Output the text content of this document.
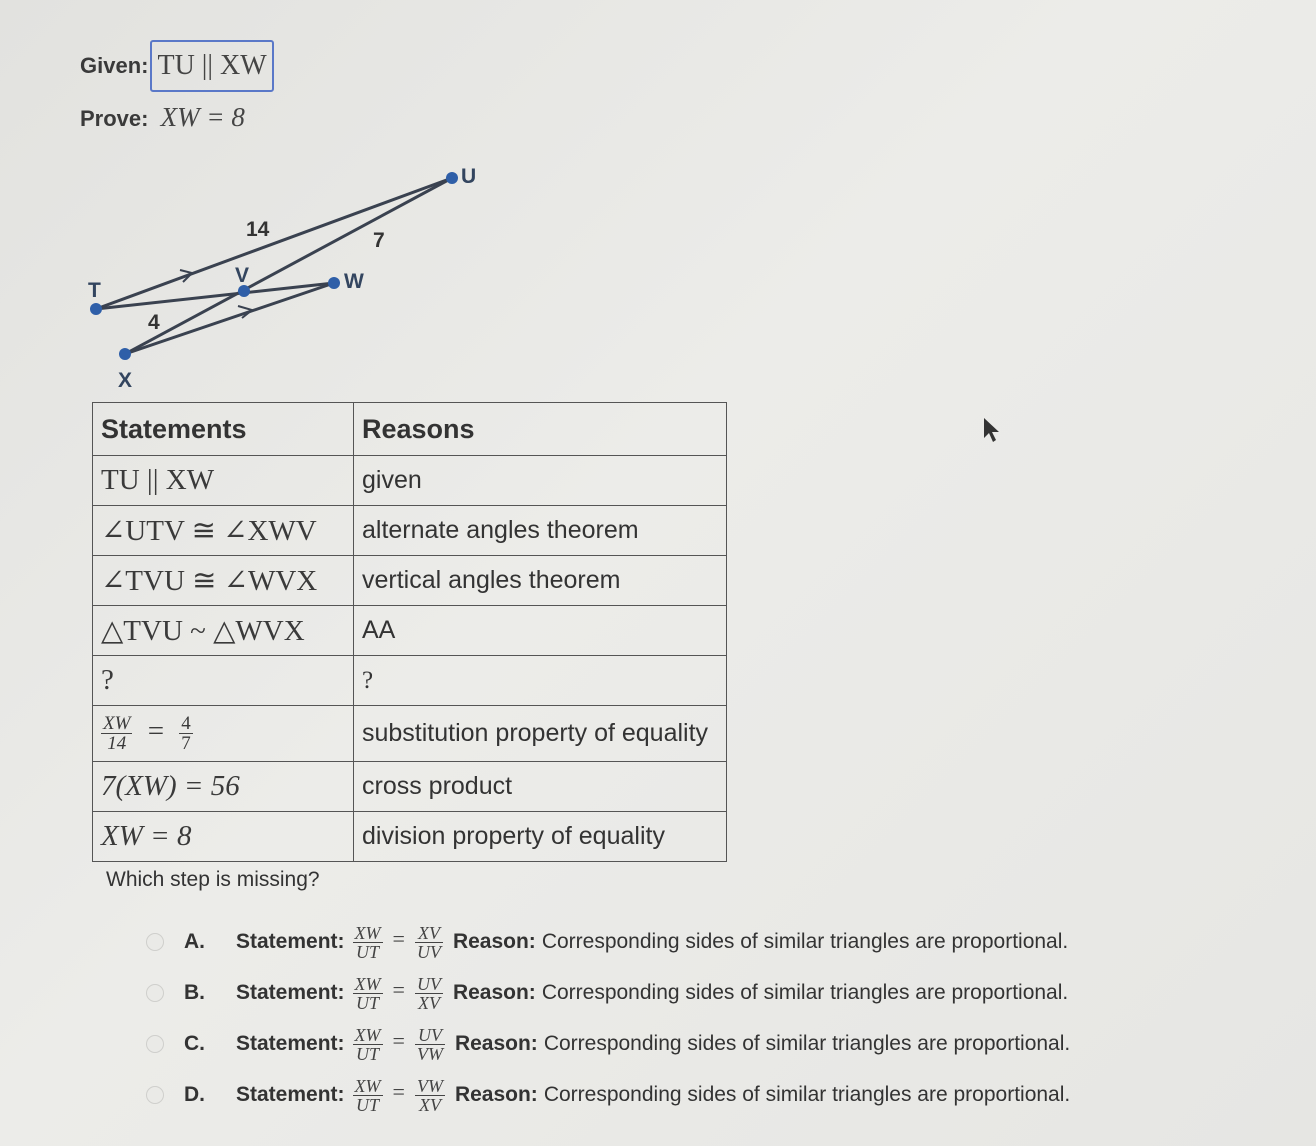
Given: TU || XW
Prove: XW = 8
T
X
V	W
U
14	7
4
Statements	Reasons
TU || XW	given
∠UTV ≅ ∠XWV	alternate angles theorem
∠TVU ≅ ∠WVX	vertical angles theorem
△TVU ~ △WVX	AA
?	?

$\frac{XW}{14} = \frac{4}{7}$	substitution property of equality
7(XW) = 56	cross product
XW = 8	division property of equality
Which step is missing?
A.	Statement: $\frac{XW}{UT} = \frac{XV}{UV}$ Reason: Corresponding sides of similar triangles are proportional.
B.	Statement: $\frac{XW}{UT} = \frac{UV}{XV}$ Reason: Corresponding sides of similar triangles are proportional.
C.	Statement: $\frac{XW}{UT} = \frac{UV}{VW}$ Reason: Corresponding sides of similar triangles are proportional.
D.	Statement: $\frac{XW}{UT} = \frac{VW}{XV}$ Reason: Corresponding sides of similar triangles are proportional.
